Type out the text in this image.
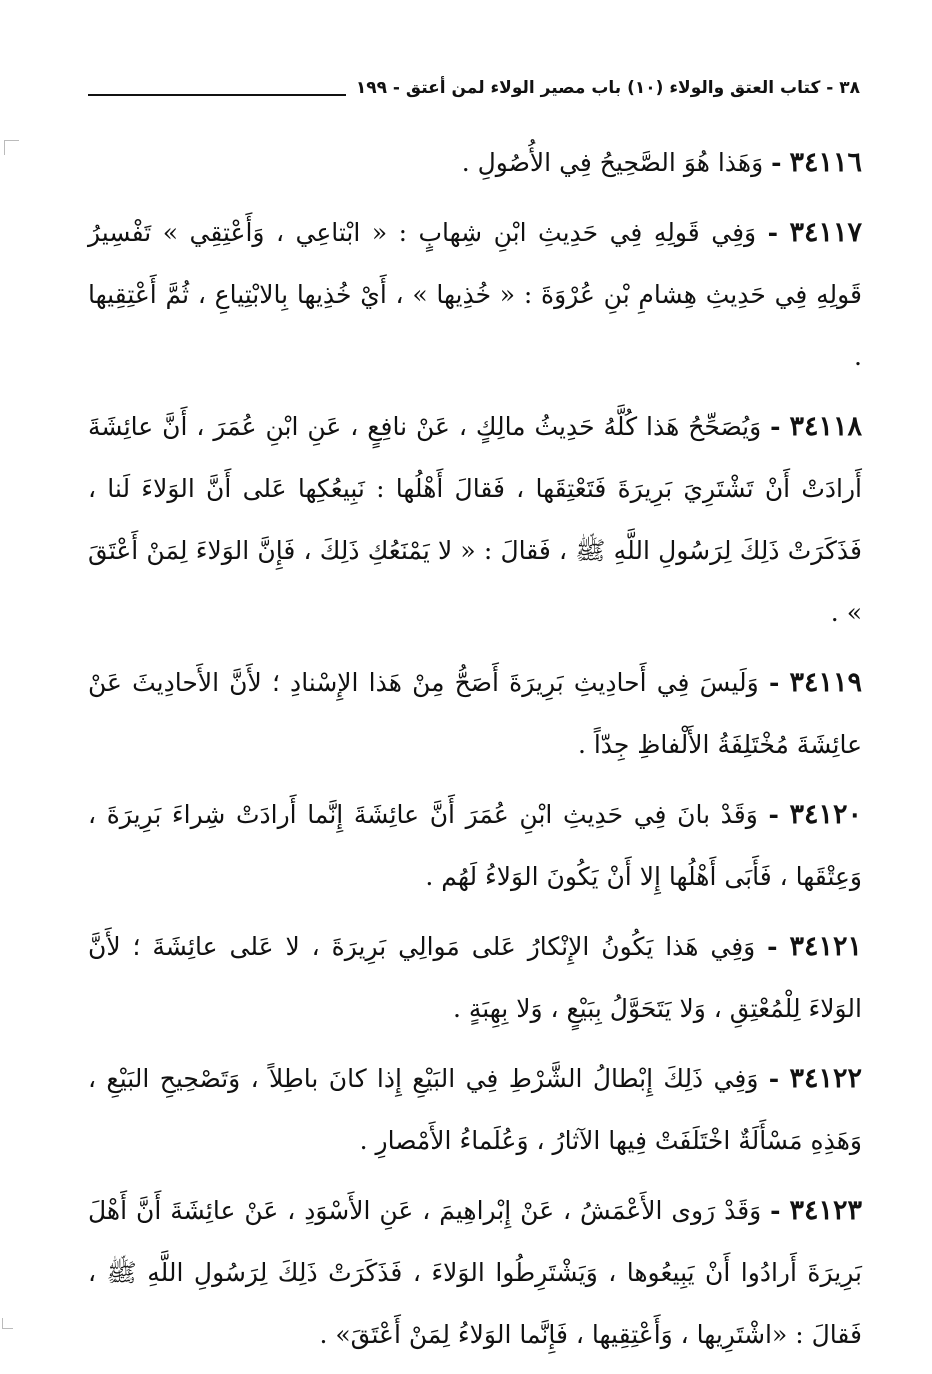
٣٨ - كتاب العتق والولاء (١٠) باب مصير الولاء لمن أعتق - ١٩٩

٣٤١١٦ - وَهَذا هُوَ الصَّحِيحُ فِي الأُصُولِ .

٣٤١١٧ - وَفِي قَولِهِ فِي حَدِيثِ ابْنِ شِهابٍ : « ابْتاعِي ، وَأَعْتِقِي » تَفْسِيرُ قَولِهِ فِي حَدِيثِ هِشامِ بْنِ عُرْوَةَ : « خُذِيها » ، أَيْ خُذِيها بِالابْتِياعِ ، ثُمَّ أَعْتِقِيها .

٣٤١١٨ - وَيُصَحِّحُ هَذا كُلَّهُ حَدِيثُ مالِكٍ ، عَنْ نافِعٍ ، عَنِ ابْنِ عُمَرَ ، أَنَّ عائِشَةَ أَرادَتْ أَنْ تَشْتَرِيَ بَرِيرَةَ فَتَعْتِقَها ، فَقالَ أَهْلُها : نَبِيعُكِها عَلى أَنَّ الوَلاءَ لَنا ، فَذَكَرَتْ ذَلِكَ لِرَسُولِ اللَّهِ ﷺ ، فَقالَ : « لا يَمْنَعُكِ ذَلِكَ ، فَإِنَّ الوَلاءَ لِمَنْ أَعْتَقَ » .

٣٤١١٩ - وَلَيسَ فِي أَحادِيثِ بَرِيرَةَ أَصَحُّ مِنْ هَذا الإِسْنادِ ؛ لأَنَّ الأَحادِيثَ عَنْ عائِشَةَ مُخْتَلِفَةُ الأَلْفاظِ جِدّاً .

٣٤١٢٠ - وَقَدْ بانَ فِي حَدِيثِ ابْنِ عُمَرَ أَنَّ عائِشَةَ إِنَّما أَرادَتْ شِراءَ بَرِيرَةَ ، وَعِتْقَها ، فَأَبَى أَهْلُها إِلا أَنْ يَكُونَ الوَلاءُ لَهُم .

٣٤١٢١ - وَفِي هَذا يَكُونُ الإِنْكارُ عَلى مَوالِي بَرِيرَةَ ، لا عَلى عائِشَةَ ؛ لأَنَّ الوَلاءَ لِلْمُعْتِقِ ، وَلا يَتَحَوَّلُ بِبَيْعٍ ، وَلا بِهِبَةٍ .

٣٤١٢٢ - وَفِي ذَلِكَ إِبْطالُ الشَّرْطِ فِي البَيْعِ إِذا كانَ باطِلاً ، وَتَصْحِيحِ البَيْعِ ، وَهَذِهِ مَسْأَلَةٌ اخْتَلَفَتْ فِيها الآثارُ ، وَعُلَماءُ الأَمْصارِ .

٣٤١٢٣ - وَقَدْ رَوى الأَعْمَشُ ، عَنْ إِبْراهِيمَ ، عَنِ الأَسْوَدِ ، عَنْ عائِشَةَ أَنَّ أَهْلَ بَرِيرَةَ أَرادُوا أَنْ يَبِيعُوها ، وَيَشْتَرِطُوا الوَلاءَ ، فَذَكَرَتْ ذَلِكَ لِرَسُولِ اللَّهِ ﷺ ، فَقالَ : «اشْتَرِيها ، وَأَعْتِقِيها ، فَإِنَّما الوَلاءُ لِمَنْ أَعْتَقَ» .
